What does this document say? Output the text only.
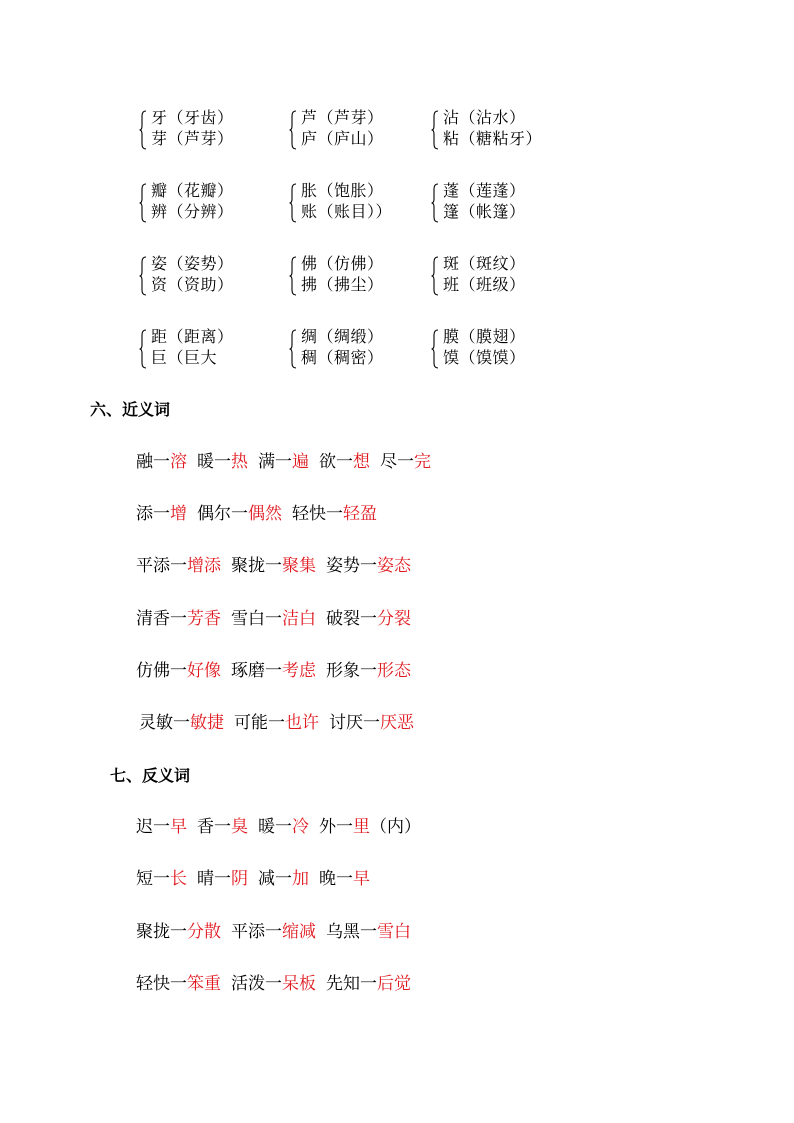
牙（牙齿）
芽（芦芽）
芦（芦芽）
庐（庐山）
沾（沾水）
粘（糖粘牙）
瓣（花瓣）
辨（分辨）
胀（饱胀）
账（账目））
蓬（莲蓬）
篷（帐篷）
姿（姿势）
资（资助）
佛（仿佛）
拂（拂尘）
斑（斑纹）
班（班级）
距（距离）
巨（巨大
绸（绸缎）
稠（稠密）
膜（膜翅）
馍（馍馍）
六、近义词
融一溶 暖一热 满一遍 欲一想 尽一完
添一增 偶尔一偶然 轻快一轻盈
平添一增添 聚拢一聚集 姿势一姿态
清香一芳香 雪白一洁白 破裂一分裂
仿佛一好像 琢磨一考虑 形象一形态
灵敏一敏捷 可能一也许 讨厌一厌恶
七、反义词
迟一早 香一臭 暖一冷 外一里（内）
短一长 晴一阴 减一加 晚一早
聚拢一分散 平添一缩减 乌黑一雪白
轻快一笨重 活泼一呆板 先知一后觉
